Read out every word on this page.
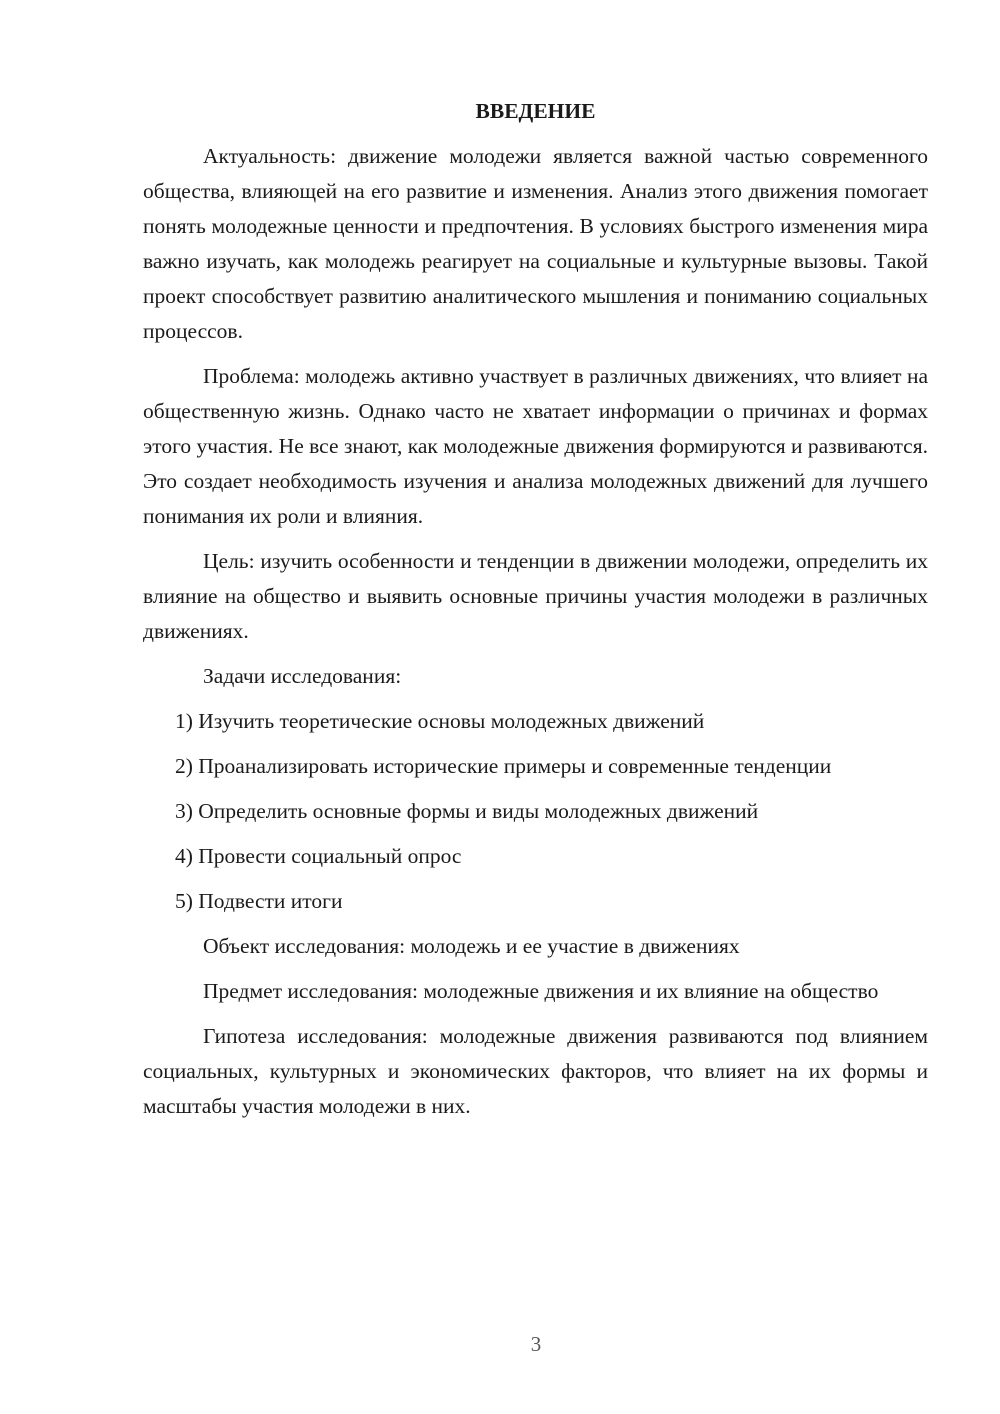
ВВЕДЕНИЕ

Актуальность: движение молодежи является важной частью современного общества, влияющей на его развитие и изменения. Анализ этого движения помогает понять молодежные ценности и предпочтения. В условиях быстрого изменения мира важно изучать, как молодежь реагирует на социальные и культурные вызовы. Такой проект способствует развитию аналитического мышления и пониманию социальных процессов.

Проблема: молодежь активно участвует в различных движениях, что влияет на общественную жизнь. Однако часто не хватает информации о причинах и формах этого участия. Не все знают, как молодежные движения формируются и развиваются. Это создает необходимость изучения и анализа молодежных движений для лучшего понимания их роли и влияния.

Цель: изучить особенности и тенденции в движении молодежи, определить их влияние на общество и выявить основные причины участия молодежи в различных движениях.

Задачи исследования:

1) Изучить теоретические основы молодежных движений

2) Проанализировать исторические примеры и современные тенденции

3) Определить основные формы и виды молодежных движений

4) Провести социальный опрос

5) Подвести итоги

Объект исследования: молодежь и ее участие в движениях

Предмет исследования: молодежные движения и их влияние на общество

Гипотеза исследования: молодежные движения развиваются под влиянием социальных, культурных и экономических факторов, что влияет на их формы и масштабы участия молодежи в них.

3
